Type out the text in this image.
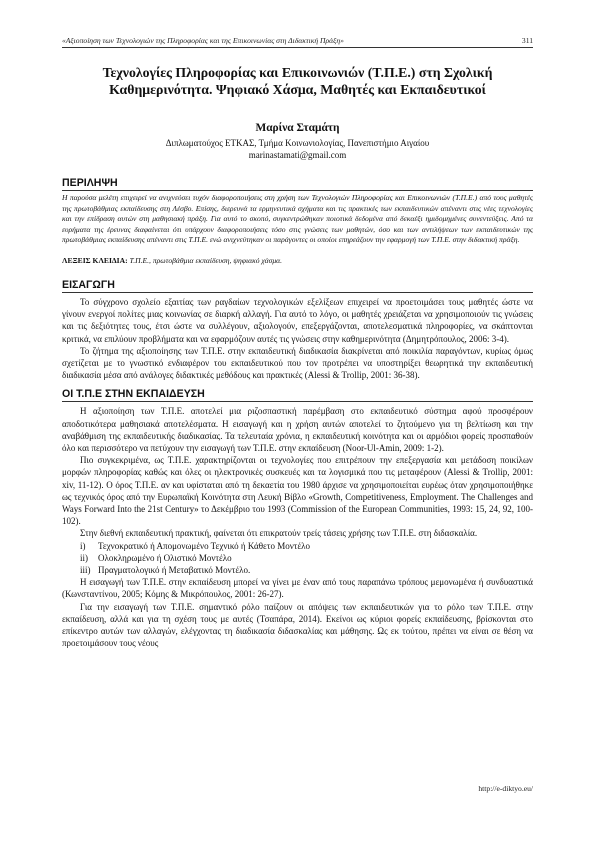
«Αξιοποίηση των Τεχνολογιών της Πληροφορίας και της Επικοινωνίας στη Διδακτική Πράξη»	311
Τεχνολογίες Πληροφορίας και Επικοινωνιών (Τ.Π.Ε.) στη Σχολική Καθημερινότητα. Ψηφιακό Χάσμα, Μαθητές και Εκπαιδευτικοί
Μαρίνα Σταμάτη
Διπλωματούχος ΕΤΚΑΣ, Τμήμα Κοινωνιολογίας, Πανεπιστήμιο Αιγαίου
marinastamati@gmail.com
ΠΕΡΙΛΗΨΗ

Η παρούσα μελέτη επιχειρεί να ανιχνεύσει τυχόν διαφοροποιήσεις στη χρήση των Τεχνολογιών Πληροφορίας και Επικοινωνιών (Τ.Π.Ε.) από τους μαθητές της πρωτοβάθμιας εκπαίδευσης στη Λέσβο. Επίσης, διερευνά τα ερμηνευτικά σχήματα και τις πρακτικές των εκπαιδευτικών απέναντι στις νέες τεχνολογίες και την επίδραση αυτών στη μαθησιακή πράξη. Για αυτό το σκοπό, συγκεντρώθηκαν ποιοτικά δεδομένα από δεκαέξι ημιδομημένες συνεντεύξεις. Από τα ευρήματα της έρευνας διαφαίνεται ότι υπάρχουν διαφοροποιήσεις τόσο στις γνώσεις των μαθητών, όσο και των αντιλήψεων των εκπαιδευτικών της πρωτοβάθμιας εκπαίδευσης απέναντι στις Τ.Π.Ε. ενώ ανιχνεύτηκαν οι παράγοντες οι οποίοι επηρεάζουν την εφαρμογή των Τ.Π.Ε. στην διδακτική πράξη.

ΛΕΞΕΙΣ ΚΛΕΙΔΙΑ: Τ.Π.Ε., πρωτοβάθμια εκπαίδευση, ψηφιακό χάσμα.
ΕΙΣΑΓΩΓΗ

Το σύγχρονο σχολείο εξαιτίας των ραγδαίων τεχνολογικών εξελίξεων επιχειρεί να προετοιμάσει τους μαθητές ώστε να γίνουν ενεργοί πολίτες μιας κοινωνίας σε διαρκή αλλαγή. Για αυτό το λόγο, οι μαθητές χρειάζεται να χρησιμοποιούν τις γνώσεις και τις δεξιότητες τους, έτσι ώστε να συλλέγουν, αξιολογούν, επεξεργάζονται, αποτελεσματικά πληροφορίες, να σκάπτονται κριτικά, να επιλύουν προβλήματα και να εφαρμόζουν αυτές τις γνώσεις στην καθημερινότητα (Δημητρόπουλος, 2006: 3-4).

Το ζήτημα της αξιοποίησης των Τ.Π.Ε. στην εκπαιδευτική διαδικασία διακρίνεται από ποικιλία παραγόντων, κυρίως όμως σχετίζεται με το γνωστικό ενδιαφέρον του εκπαιδευτικού που τον προτρέπει να υποστηρίξει θεωρητικά την εκπαιδευτική διαδικασία μέσα από ανάλογες διδακτικές μεθόδους και πρακτικές (Alessi & Trollip, 2001: 36-38).

ΟΙ Τ.Π.Ε ΣΤΗΝ ΕΚΠΑΙΔΕΥΣΗ

Η αξιοποίηση των Τ.Π.Ε. αποτελεί μια ριζοσπαστική παρέμβαση στο εκπαιδευτικό σύστημα αφού προσφέρουν αποδοτικότερα μαθησιακά αποτελέσματα. Η εισαγωγή και η χρήση αυτών αποτελεί το ζητούμενο για τη βελτίωση και την αναβάθμιση της εκπαιδευτικής διαδικασίας. Τα τελευταία χρόνια, η εκπαιδευτική κοινότητα και οι αρμόδιοι φορείς προσπαθούν όλο και περισσότερο να πετύχουν την εισαγωγή των Τ.Π.Ε. στην εκπαίδευση (Noor-Ul-Amin, 2009: 1-2).

Πιο συγκεκριμένα, ως Τ.Π.Ε. χαρακτηρίζονται οι τεχνολογίες που επιτρέπουν την επεξεργασία και μετάδοση ποικίλων μορφών πληροφορίας καθώς και όλες οι ηλεκτρονικές συσκευές και τα λογισμικά που τις μεταφέρουν (Alessi & Trollip, 2001: xiv, 11-12). Ο όρος Τ.Π.Ε. αν και υφίσταται από τη δεκαετία του 1980 άρχισε να χρησιμοποιείται ευρέως όταν χρησιμοποιήθηκε ως τεχνικός όρος από την Ευρωπαϊκή Κοινότητα στη Λευκή Βίβλο «Growth, Competitiveness, Employment. The Challenges and Ways Forward Into the 21st Century» το Δεκέμβριο του 1993 (Commission of the European Communities, 1993: 15, 24, 92, 100-102).

Στην διεθνή εκπαιδευτική πρακτική, φαίνεται ότι επικρατούν τρείς τάσεις χρήσης των Τ.Π.Ε. στη διδασκαλία.

i) Τεχνοκρατικό ή Απομονωμένο Τεχνικό ή Κάθετο Μοντέλο
ii) Ολοκληρωμένο ή Ολιστικό Μοντέλο
iii) Πραγματολογικό ή Μεταβατικό Μοντέλο.

Η εισαγωγή των Τ.Π.Ε. στην εκπαίδευση μπορεί να γίνει με έναν από τους παραπάνω τρόπους μεμονωμένα ή συνδυαστικά (Κωνσταντίνου, 2005; Κόμης & Μικρόπουλος, 2001: 26-27).

Για την εισαγωγή των Τ.Π.Ε. σημαντικό ρόλο παίζουν οι απόψεις των εκπαιδευτικών για το ρόλο των Τ.Π.Ε. στην εκπαίδευση, αλλά και για τη σχέση τους με αυτές (Τσαπάρα, 2014). Εκείνοι ως κύριοι φορείς εκπαίδευσης, βρίσκονται στο επίκεντρο αυτών των αλλαγών, ελέγχοντας τη διαδικασία διδασκαλίας και μάθησης. Ως εκ τούτου, πρέπει να είναι σε θέση να προετοιμάσουν τους νέους

http://e-diktyo.eu/
